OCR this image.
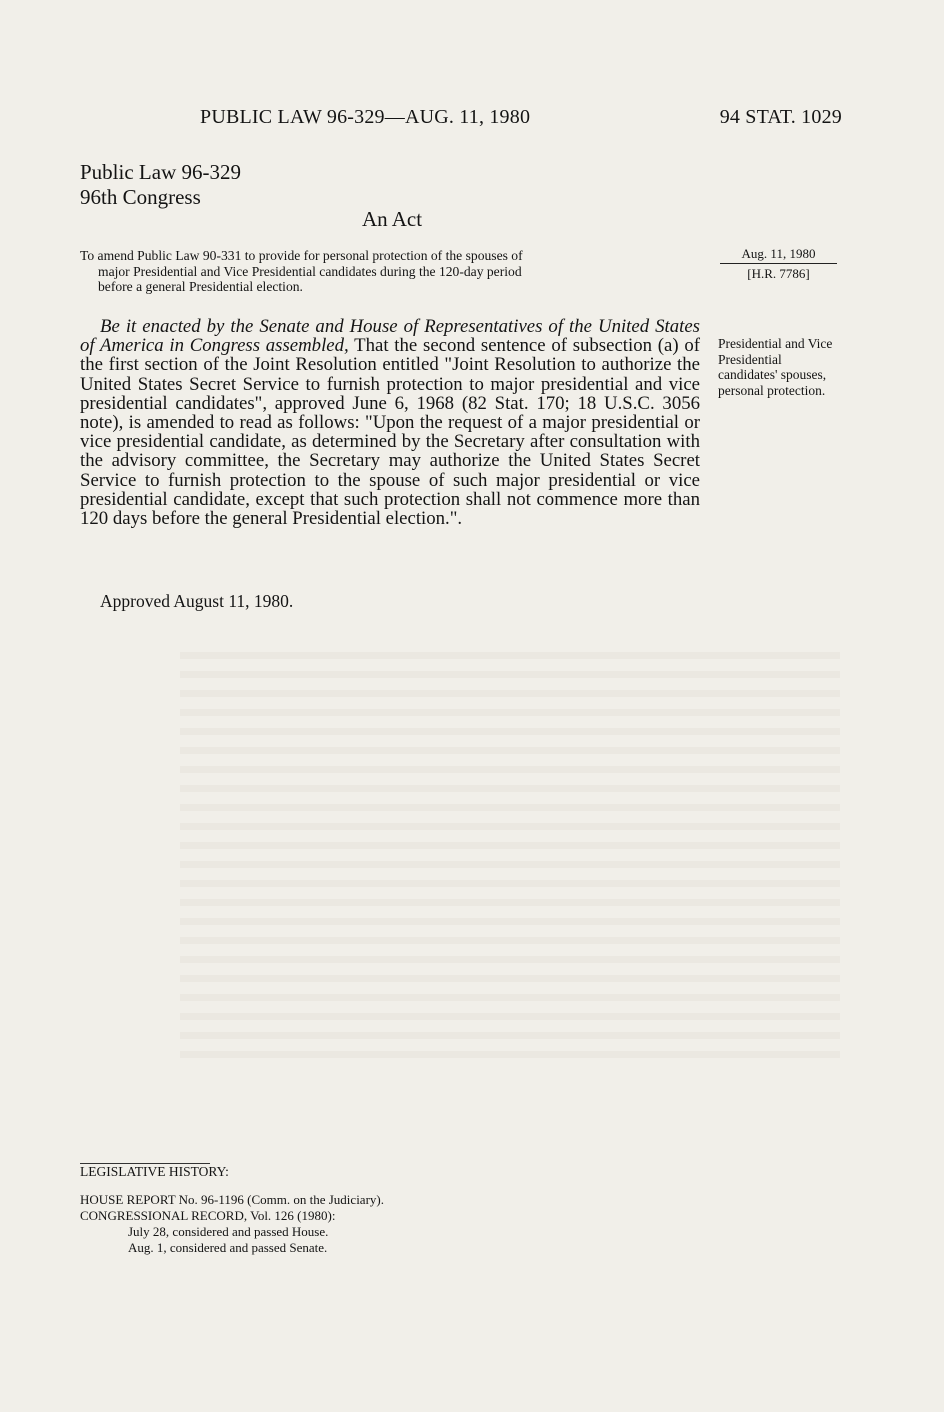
PUBLIC LAW 96-329—AUG. 11, 1980	94 STAT. 1029
Public Law 96-329
96th Congress
An Act
To amend Public Law 90-331 to provide for personal protection of the spouses of
major Presidential and Vice Presidential candidates during the 120-day period
before a general Presidential election.
Aug. 11, 1980
[H.R. 7786]
Be it enacted by the Senate and House of Representatives of the United States of America in Congress assembled, That the second sentence of subsection (a) of the first section of the Joint Resolution entitled "Joint Resolution to authorize the United States Secret Service to furnish protection to major presidential and vice presidential candidates", approved June 6, 1968 (82 Stat. 170; 18 U.S.C. 3056 note), is amended to read as follows: "Upon the request of a major presidential or vice presidential candidate, as determined by the Secretary after consultation with the advisory committee, the Secretary may authorize the United States Secret Service to furnish protection to the spouse of such major presidential or vice presidential candidate, except that such protection shall not commence more than 120 days before the general Presidential election.".
Presidential and Vice Presidential candidates' spouses, personal protection.
Approved August 11, 1980.
LEGISLATIVE HISTORY:
HOUSE REPORT No. 96-1196 (Comm. on the Judiciary).
CONGRESSIONAL RECORD, Vol. 126 (1980):
July 28, considered and passed House.
Aug. 1, considered and passed Senate.
